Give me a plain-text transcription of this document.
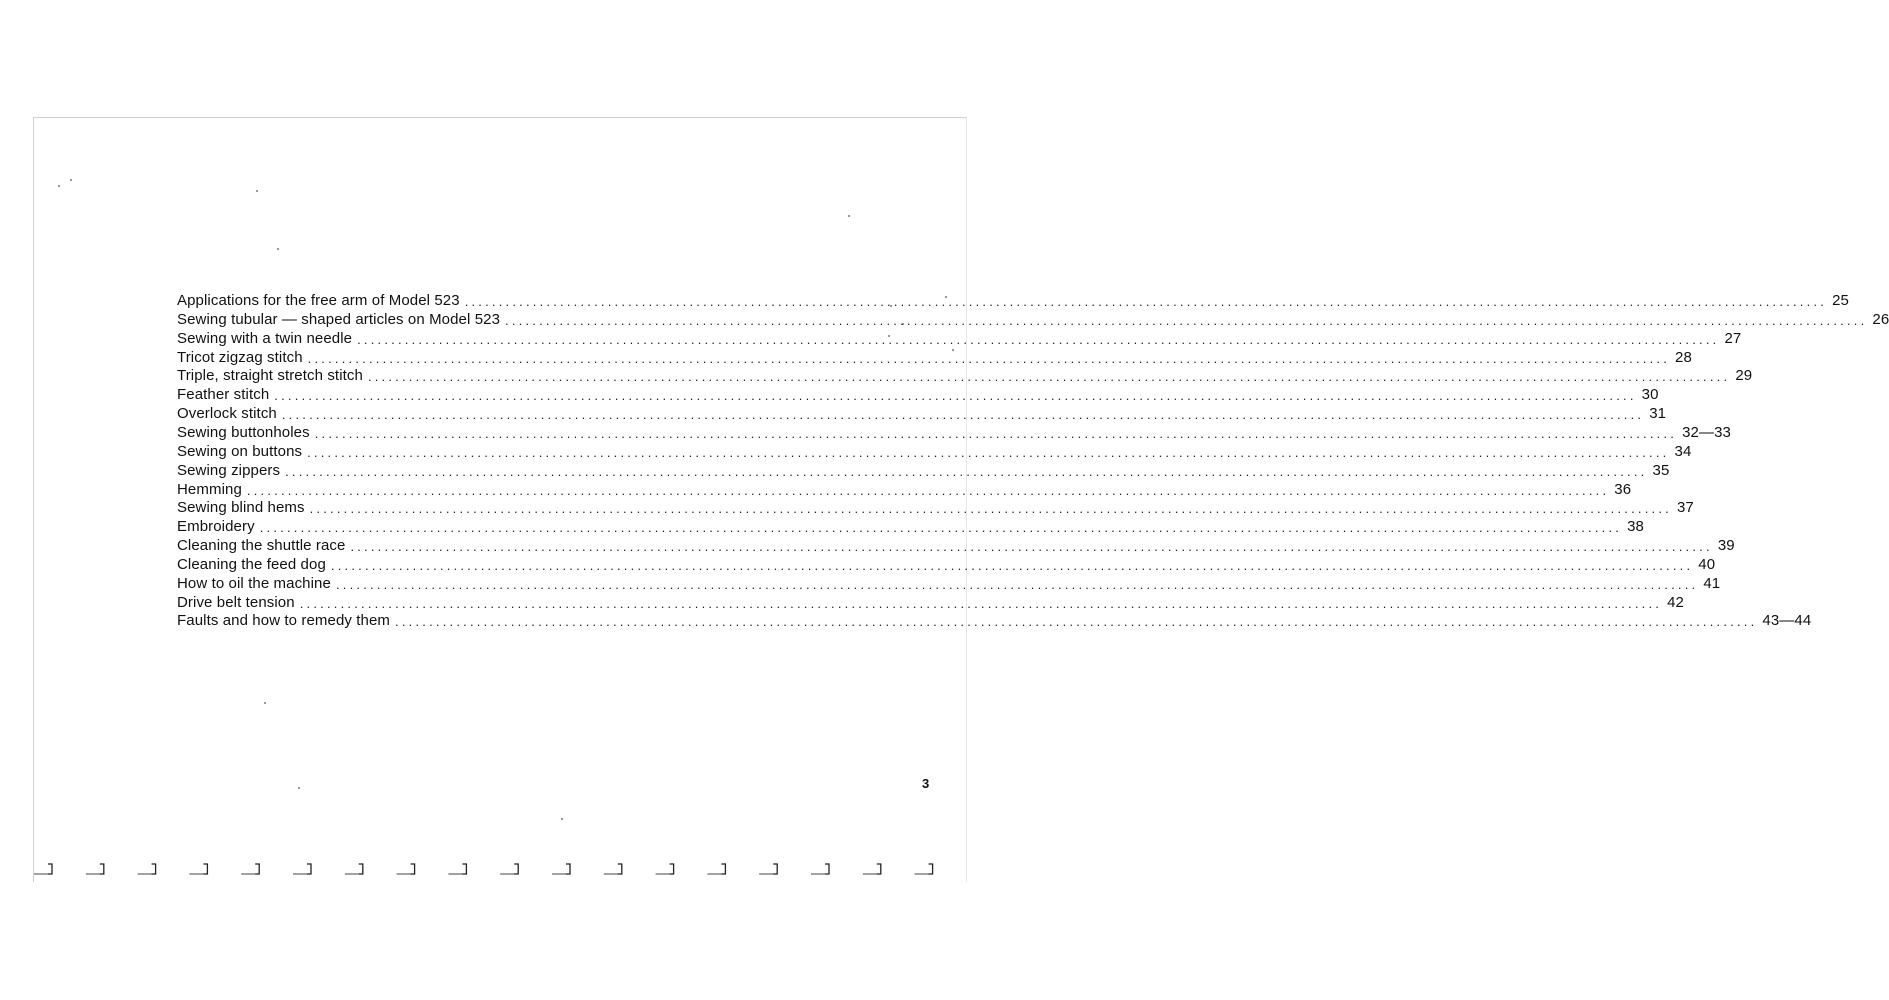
Applications for the free arm of Model 523 ........................................................................................................................................................................................................ 25
Sewing tubular — shaped articles on Model 523 ........................................................................................................................................................................................................ 26
Sewing with a twin needle ........................................................................................................................................................................................................ 27
Tricot zigzag stitch ........................................................................................................................................................................................................ 28
Triple, straight stretch stitch ........................................................................................................................................................................................................ 29
Feather stitch ........................................................................................................................................................................................................ 30
Overlock stitch ........................................................................................................................................................................................................ 31
Sewing buttonholes ........................................................................................................................................................................................................ 32—33
Sewing on buttons ........................................................................................................................................................................................................ 34
Sewing zippers ........................................................................................................................................................................................................ 35
Hemming ........................................................................................................................................................................................................ 36
Sewing blind hems ........................................................................................................................................................................................................ 37
Embroidery ........................................................................................................................................................................................................ 38
Cleaning the shuttle race ........................................................................................................................................................................................................ 39
Cleaning the feed dog ........................................................................................................................................................................................................ 40
How to oil the machine ........................................................................................................................................................................................................ 41
Drive belt tension ........................................................................................................................................................................................................ 42
Faults and how to remedy them ........................................................................................................................................................................................................ 43—44
3
